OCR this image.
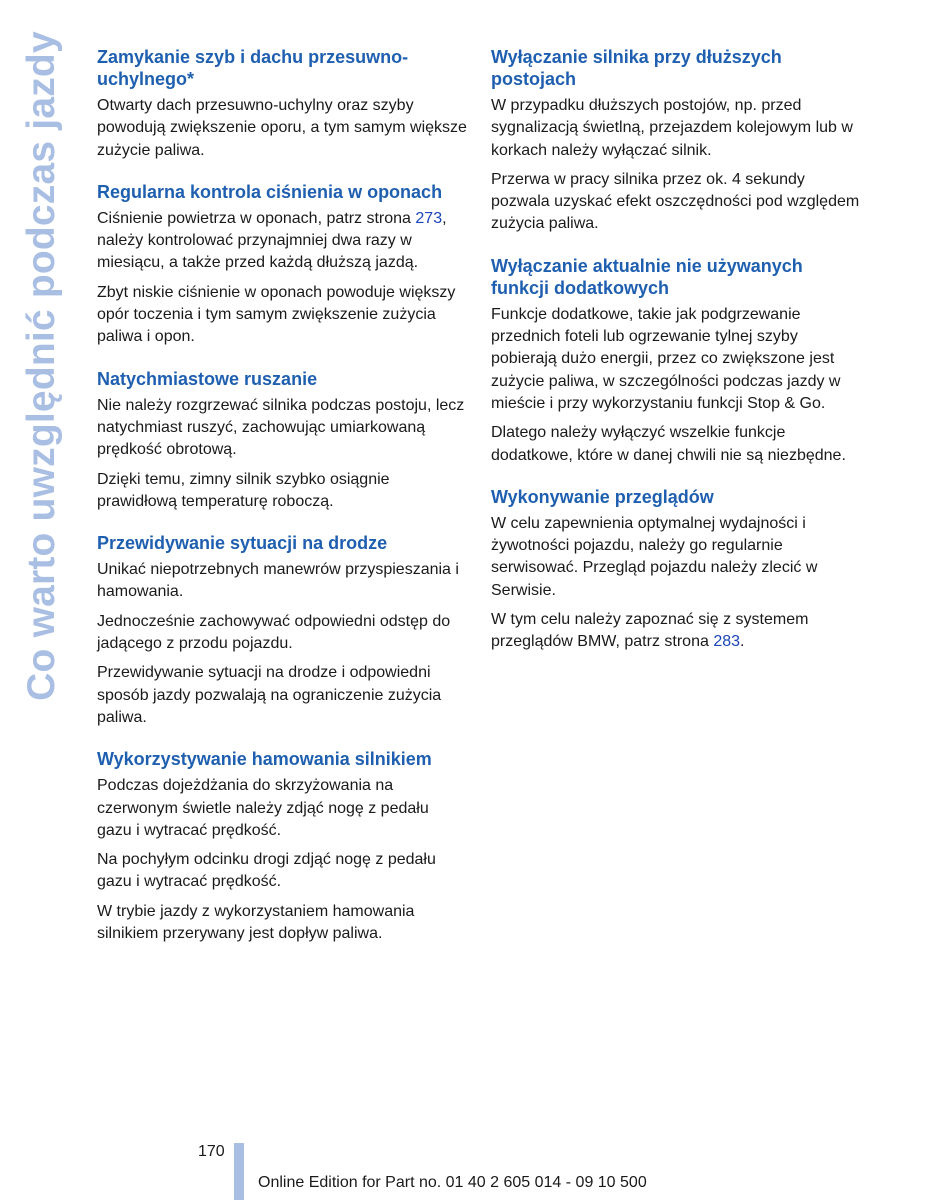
Co warto uwzględnić podczas jazdy Zamykanie szyb i dachu przesuwno-uchylnego*

Otwarty dach przesuwno-uchylny oraz szyby powodują zwiększenie oporu, a tym samym większe zużycie paliwa.

Regularna kontrola ciśnienia w oponach

Ciśnienie powietrza w oponach, patrz strona 273, należy kontrolować przynajmniej dwa razy w miesiącu, a także przed każdą dłuższą jazdą.

Zbyt niskie ciśnienie w oponach powoduje większy opór toczenia i tym samym zwiększenie zużycia paliwa i opon.

Natychmiastowe ruszanie

Nie należy rozgrzewać silnika podczas postoju, lecz natychmiast ruszyć, zachowując umiarkowaną prędkość obrotową.

Dzięki temu, zimny silnik szybko osiągnie prawidłową temperaturę roboczą.

Przewidywanie sytuacji na drodze

Unikać niepotrzebnych manewrów przyspieszania i hamowania.

Jednocześnie zachowywać odpowiedni odstęp do jadącego z przodu pojazdu.

Przewidywanie sytuacji na drodze i odpowiedni sposób jazdy pozwalają na ograniczenie zużycia paliwa.

Wykorzystywanie hamowania silnikiem

Podczas dojeżdżania do skrzyżowania na czerwonym świetle należy zdjąć nogę z pedału gazu i wytracać prędkość.

Na pochyłym odcinku drogi zdjąć nogę z pedału gazu i wytracać prędkość.

W trybie jazdy z wykorzystaniem hamowania silnikiem przerywany jest dopływ paliwa.

Wyłączanie silnika przy dłuższych postojach

W przypadku dłuższych postojów, np. przed sygnalizacją świetlną, przejazdem kolejowym lub w korkach należy wyłączać silnik.

Przerwa w pracy silnika przez ok. 4 sekundy pozwala uzyskać efekt oszczędności pod względem zużycia paliwa.

Wyłączanie aktualnie nie używanych funkcji dodatkowych

Funkcje dodatkowe, takie jak podgrzewanie przednich foteli lub ogrzewanie tylnej szyby pobierają dużo energii, przez co zwiększone jest zużycie paliwa, w szczególności podczas jazdy w mieście i przy wykorzystaniu funkcji Stop & Go.

Dlatego należy wyłączyć wszelkie funkcje dodatkowe, które w danej chwili nie są niezbędne.

Wykonywanie przeglądów

W celu zapewnienia optymalnej wydajności i żywotności pojazdu, należy go regularnie serwisować. Przegląd pojazdu należy zlecić w Serwisie.

W tym celu należy zapoznać się z systemem przeglądów BMW, patrz strona 283.

170
Online Edition for Part no. 01 40 2 605 014 - 09 10 500
